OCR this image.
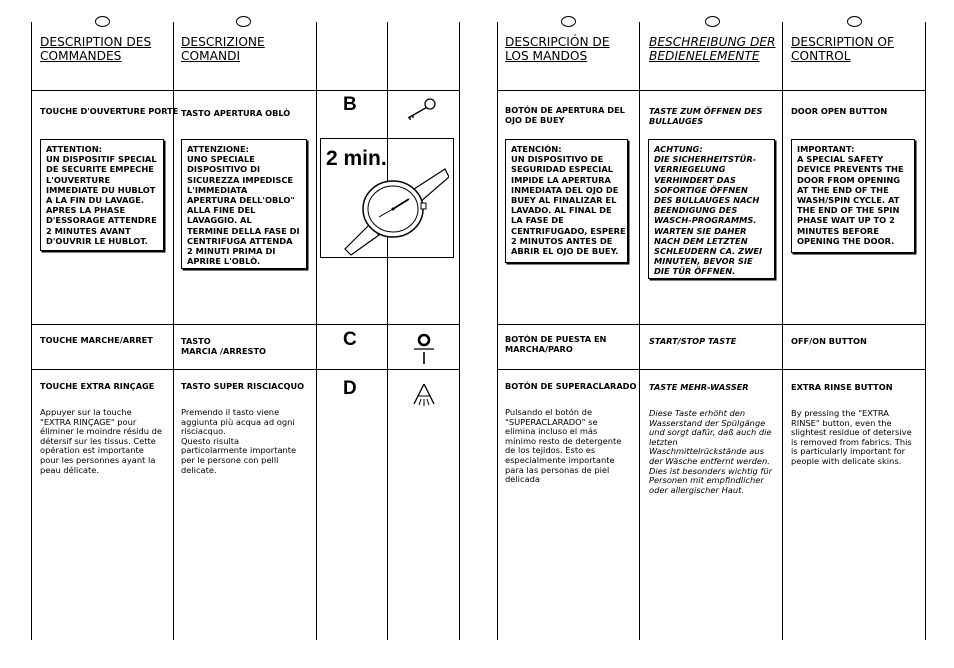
DESCRIPTION DES
COMMANDES
TOUCHE D'OUVERTURE PORTE
ATTENTION:
UN DISPOSITIF SPECIAL
DE SECURITE EMPECHE
L'OUVERTURE
IMMEDIATE DU HUBLOT
A LA FIN DU LAVAGE.
APRES LA PHASE
D'ESSORAGE ATTENDRE
2 MINUTES AVANT
D'OUVRIR LE HUBLOT.
TOUCHE MARCHE/ARRET
TOUCHE EXTRA RINÇAGE
Appuyer sur la touche
"EXTRA RINÇAGE" pour
éliminer le moindre résidu de
détersif sur les tissus. Cette
opération est importante
pour les personnes ayant la
peau délicate.
DESCRIZIONE
COMANDI
TASTO APERTURA OBLÒ
ATTENZIONE:
UNO SPECIALE
DISPOSITIVO DI
SICUREZZA IMPEDISCE
L'IMMEDIATA
APERTURA DELL'OBLO"
ALLA FINE DEL
LAVAGGIO. AL
TERMINE DELLA FASE DI
CENTRIFUGA ATTENDA
2 MINUTI PRIMA DI
APRIRE L'OBLÒ.
TASTO
MARCIA /ARRESTO
TASTO SUPER RISCIACQUO
Premendo il tasto viene
aggiunta più acqua ad ogni
risciacquo.
Questo risulta
particolarmente importante
per le persone con pelli
delicate.
B
2 min.
C
D
DESCRIPCIÓN DE
LOS MANDOS
BOTÓN DE APERTURA DEL
OJO DE BUEY
ATENCIÓN:
UN DISPOSITIVO DE
SEGURIDAD ESPECIAL
IMPIDE LA APERTURA
INMEDIATA DEL OJO DE
BUEY AL FINALIZAR EL
LAVADO. AL FINAL DE
LA FASE DE
CENTRIFUGADO, ESPERE
2 MINUTOS ANTES DE
ABRIR EL OJO DE BUEY.
BOTÓN DE PUESTA EN
MARCHA/PARO
BOTÓN DE SUPERACLARADO
Pulsando el botón de
"SUPERACLARADO" se
elimina incluso el más
mínimo resto de detergente
de los tejidos. Esto es
especialmente importante
para las personas de piel
delicada
BESCHREIBUNG DER
BEDIENELEMENTE
TASTE ZUM ÖFFNEN DES
BULLAUGES
ACHTUNG:
DIE SICHERHEITSTÜR-
VERRIEGELUNG
VERHINDERT DAS
SOFORTIGE ÖFFNEN
DES BULLAUGES NACH
BEENDIGUNG DES
WASCH-PROGRAMMS.
WARTEN SIE DAHER
NACH DEM LETZTEN
SCHLEUDERN CA. ZWEI
MINUTEN, BEVOR SIE
DIE TÜR ÖFFNEN.
START/STOP TASTE
TASTE MEHR-WASSER
Diese Taste erhöht den
Wasserstand der Spülgänge
und sorgt dafür, daß auch die
letzten
Waschmittelrückstände aus
der Wäsche entfernt werden.
Dies ist besonders wichtig für
Personen mit empfindlicher
oder allergischer Haut.
DESCRIPTION OF
CONTROL
DOOR OPEN BUTTON
IMPORTANT:
A SPECIAL SAFETY
DEVICE PREVENTS THE
DOOR FROM OPENING
AT THE END OF THE
WASH/SPIN CYCLE. AT
THE END OF THE SPIN
PHASE WAIT UP TO 2
MINUTES BEFORE
OPENING THE DOOR.
OFF/ON BUTTON
EXTRA RINSE BUTTON
By pressing the "EXTRA
RINSE" button, even the
slightest residue of detersive
is removed from fabrics. This
is particularly important for
people with delicate skins.
